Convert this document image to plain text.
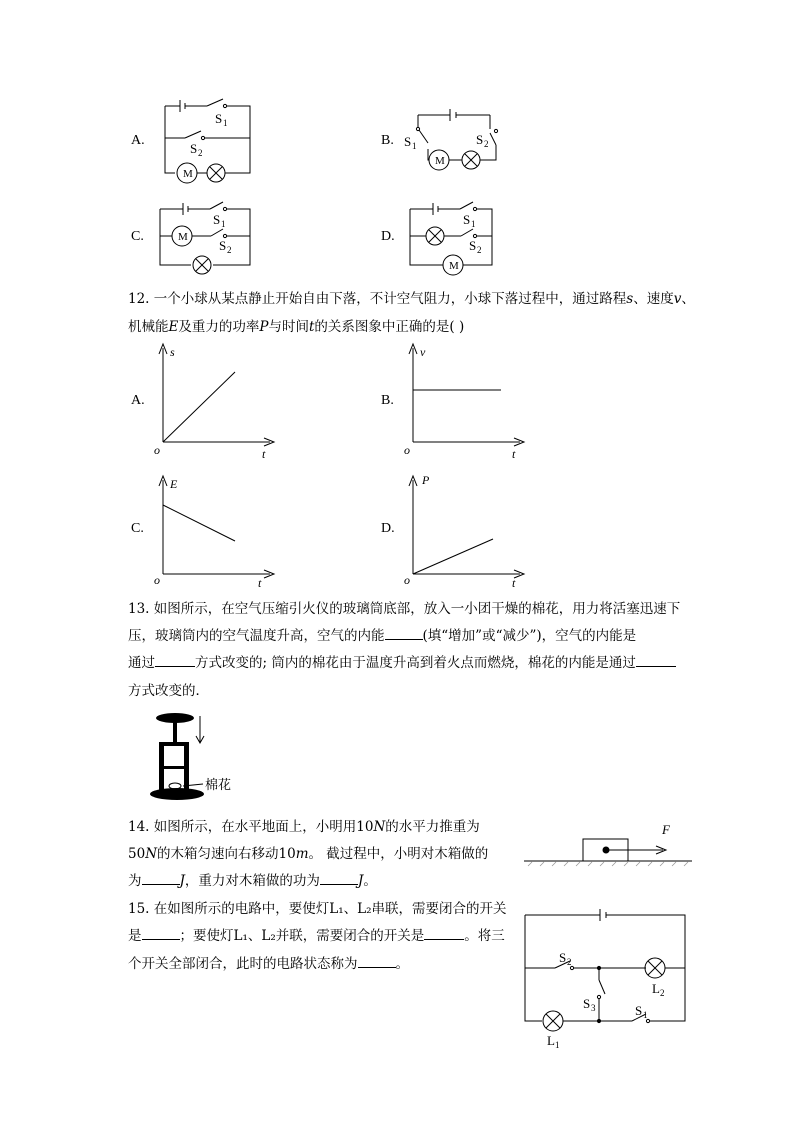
A.
M
S 1
S 2
B.
M
S 1	S 2
C.	M
S 1
S 2
D.
M
S 1
S 2
12. 一个小球从某点静止开始自由下落，不计空气阻力，小球下落过程中，通过路程s、速度v、
机械能E及重力的功率P与时间t的关系图象中正确的是( )
A.
s
t
o
B.
v
t
o
C.
E
t
o
D.
P
t
o
13. 如图所示，在空气压缩引火仪的玻璃筒底部，放入一小团干燥的棉花，用力将活塞迅速下
压，玻璃筒内的空气温度升高，空气的内能	(填“增加”或“减少”)，空气的内能是
通过	方式改变的; 筒内的棉花由于温度升高到着火点而燃烧，棉花的内能是通过
方式改变的．
棉花
14. 如图所示，在水平地面上，小明用10N的水平力推重为
50N的木箱匀速向右移动10m。 截过程中，小明对木箱做的
为	J，重力对木箱做的功为	J。
F
15. 在如图所示的电路中，要使灯L₁、L₂串联，需要闭合的开关
是	；要使灯L₁、L₂并联，需要闭合的开关是	。将三
个开关全部闭合，此时的电路状态称为	。	S 2
S 3	S 1
L 2
L 1
